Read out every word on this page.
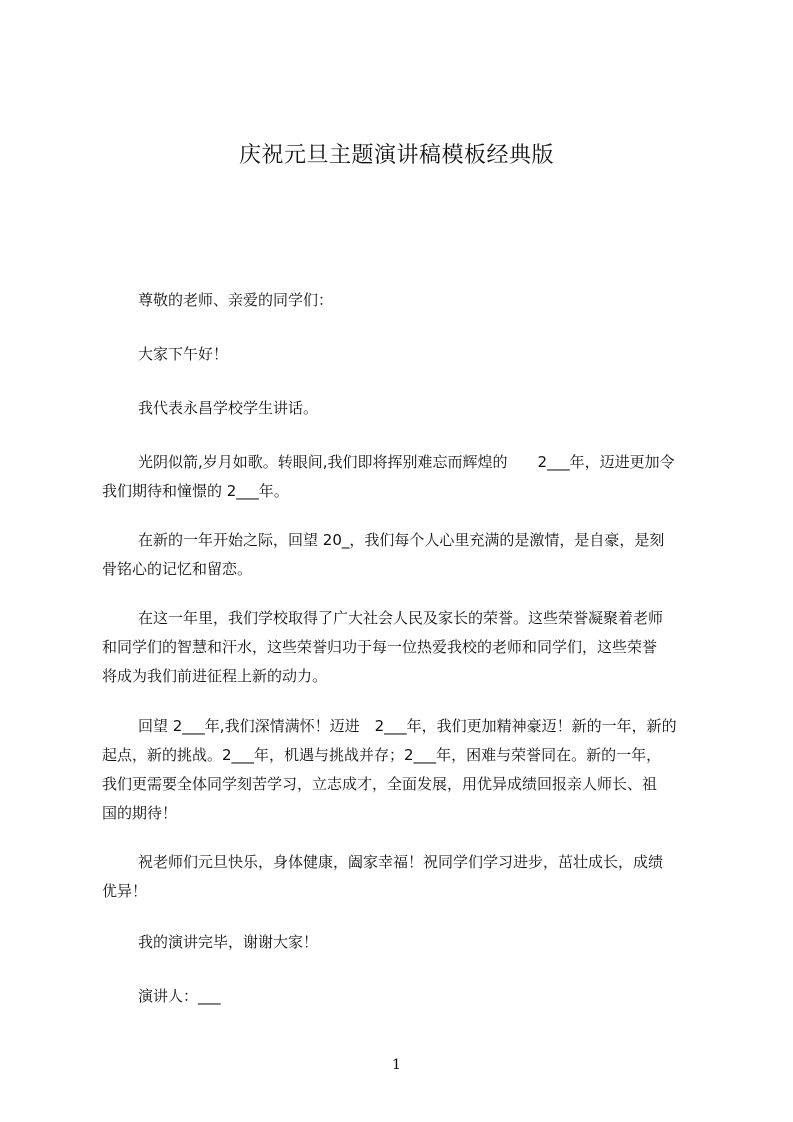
庆祝元旦主题演讲稿模板经典版

尊敬的老师、亲爱的同学们：

大家下午好！

我代表永昌学校学生讲话。

光阴似箭,岁月如歌。转眼间,我们即将挥别难忘而辉煌的　　2___年，迈进更加令
我们期待和憧憬的 2___年。

在新的一年开始之际，回望 20_，我们每个人心里充满的是激情，是自豪，是刻
骨铭心的记忆和留恋。

在这一年里，我们学校取得了广大社会人民及家长的荣誉。这些荣誉凝聚着老师
和同学们的智慧和汗水，这些荣誉归功于每一位热爱我校的老师和同学们，这些荣誉
将成为我们前进征程上新的动力。

回望 2___年,我们深情满怀！迈进　2___年，我们更加精神豪迈！新的一年，新的
起点，新的挑战。2___年，机遇与挑战并存；2___年，困难与荣誉同在。新的一年，
我们更需要全体同学刻苦学习，立志成才，全面发展，用优异成绩回报亲人师长、祖
国的期待！

祝老师们元旦快乐，身体健康，阖家幸福！祝同学们学习进步，茁壮成长，成绩
优异！

我的演讲完毕，谢谢大家！

演讲人：___

1
